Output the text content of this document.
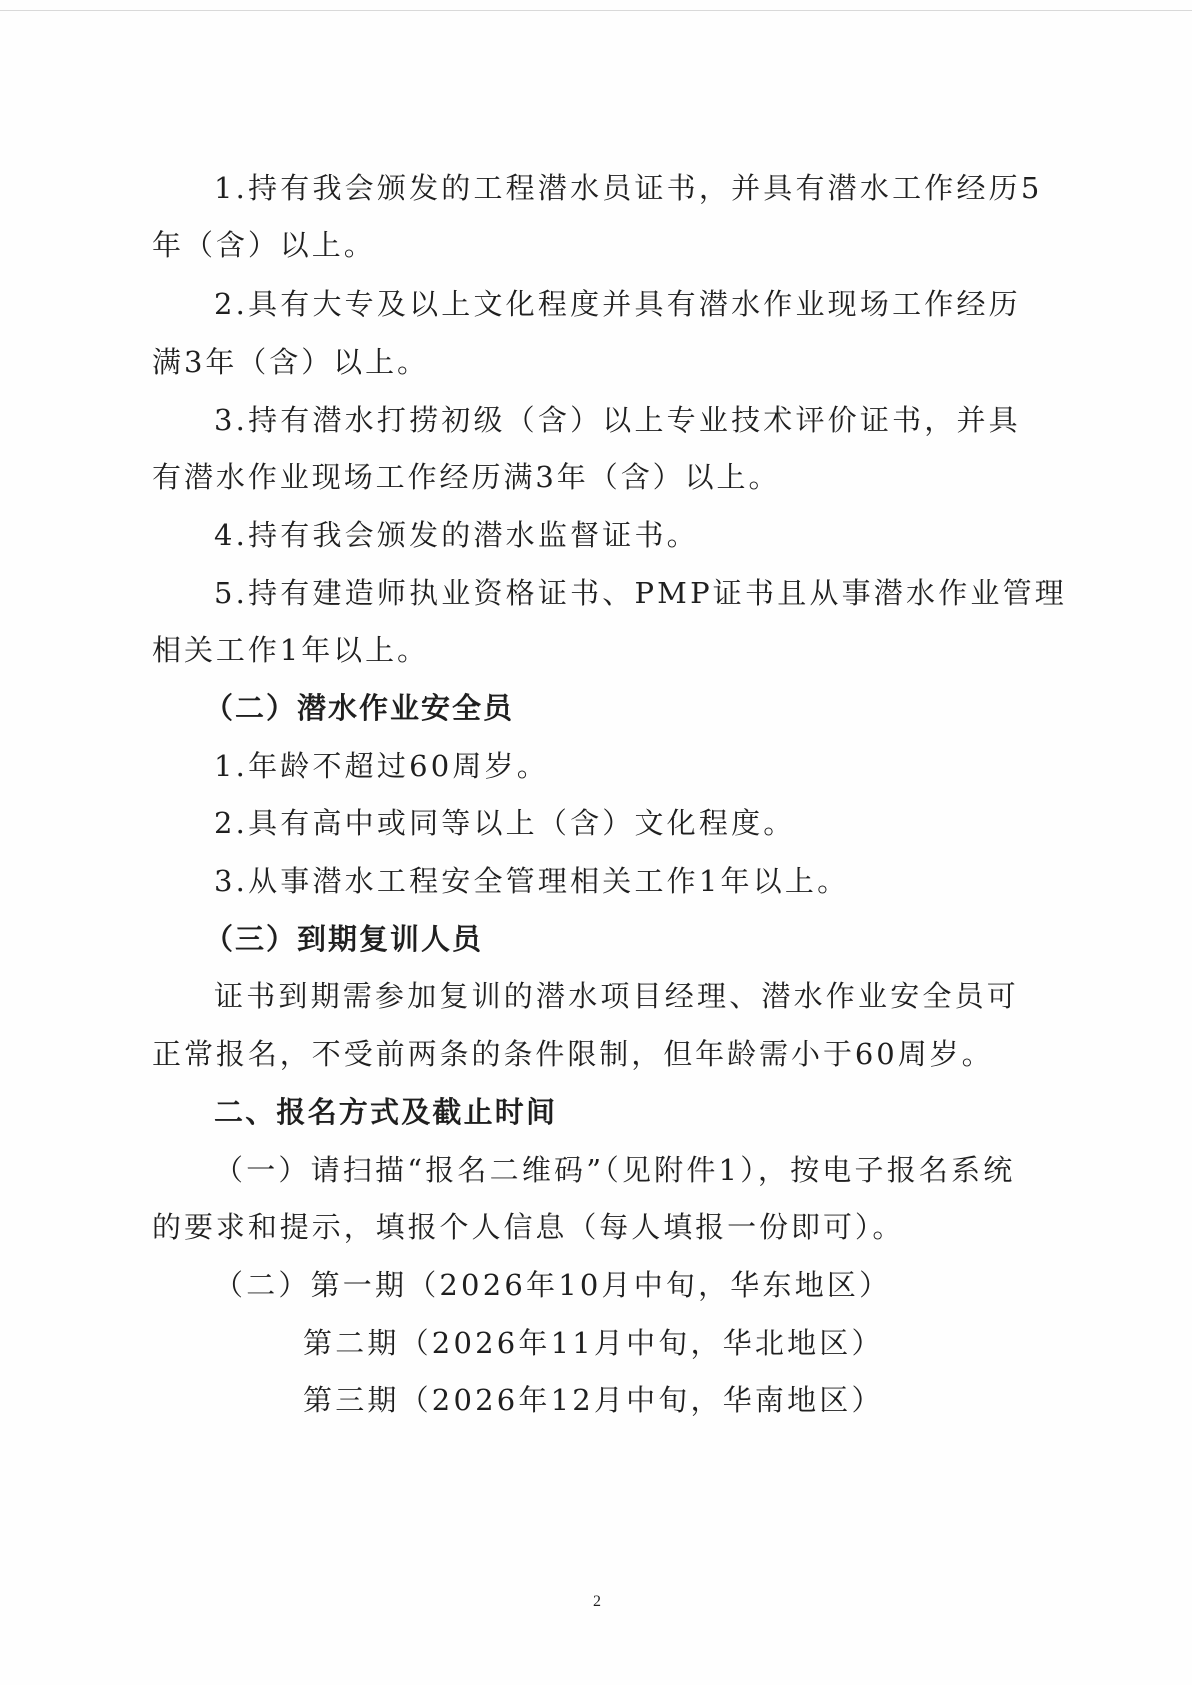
1.持有我会颁发的工程潜水员证书，并具有潜水工作经历5
年（含）以上。
2.具有大专及以上文化程度并具有潜水作业现场工作经历
满3年（含）以上。
3.持有潜水打捞初级（含）以上专业技术评价证书，并具
有潜水作业现场工作经历满3年（含）以上。
4.持有我会颁发的潜水监督证书。
5.持有建造师执业资格证书、PMP证书且从事潜水作业管理
相关工作1年以上。
（二）潜水作业安全员
1.年龄不超过60周岁。
2.具有高中或同等以上（含）文化程度。
3.从事潜水工程安全管理相关工作1年以上。
（三）到期复训人员
证书到期需参加复训的潜水项目经理、潜水作业安全员可
正常报名，不受前两条的条件限制，但年龄需小于60周岁。
二、报名方式及截止时间
（一）请扫描“报名二维码”（见附件1），按电子报名系统
的要求和提示，填报个人信息（每人填报一份即可）。
（二）第一期（2026年10月中旬，华东地区）
第二期（2026年11月中旬，华北地区）
第三期（2026年12月中旬，华南地区）
2
